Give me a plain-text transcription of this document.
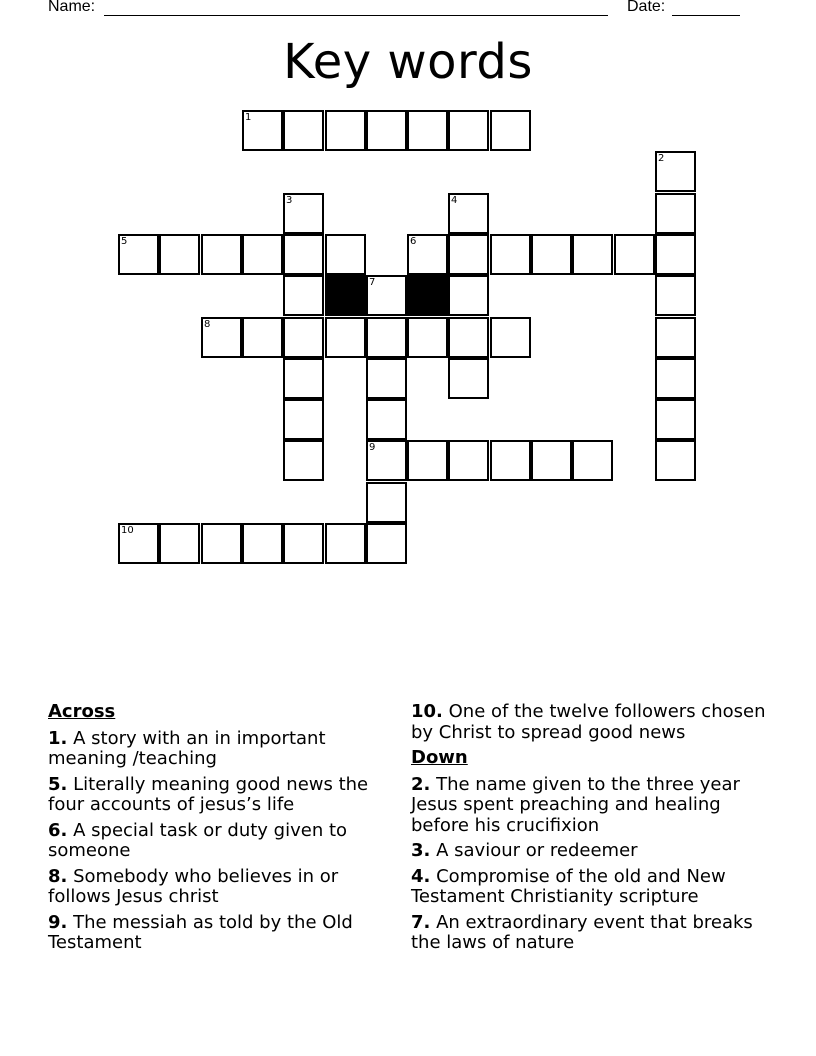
Name:	Date:
Key words
1
2
3	4
5	6
7
9
8
10
Across
1. A story with an in important meaning /teaching
5. Literally meaning good news the four accounts of jesus’s life
6. A special task or duty given to someone
8. Somebody who believes in or follows Jesus christ
9. The messiah as told by the Old Testament
10. One of the twelve followers chosen by Christ to spread good news
Down
2. The name given to the three year Jesus spent preaching and healing before his crucifixion
3. A saviour or redeemer
4. Compromise of the old and New Testament Christianity scripture
7. An extraordinary event that breaks the laws of nature
